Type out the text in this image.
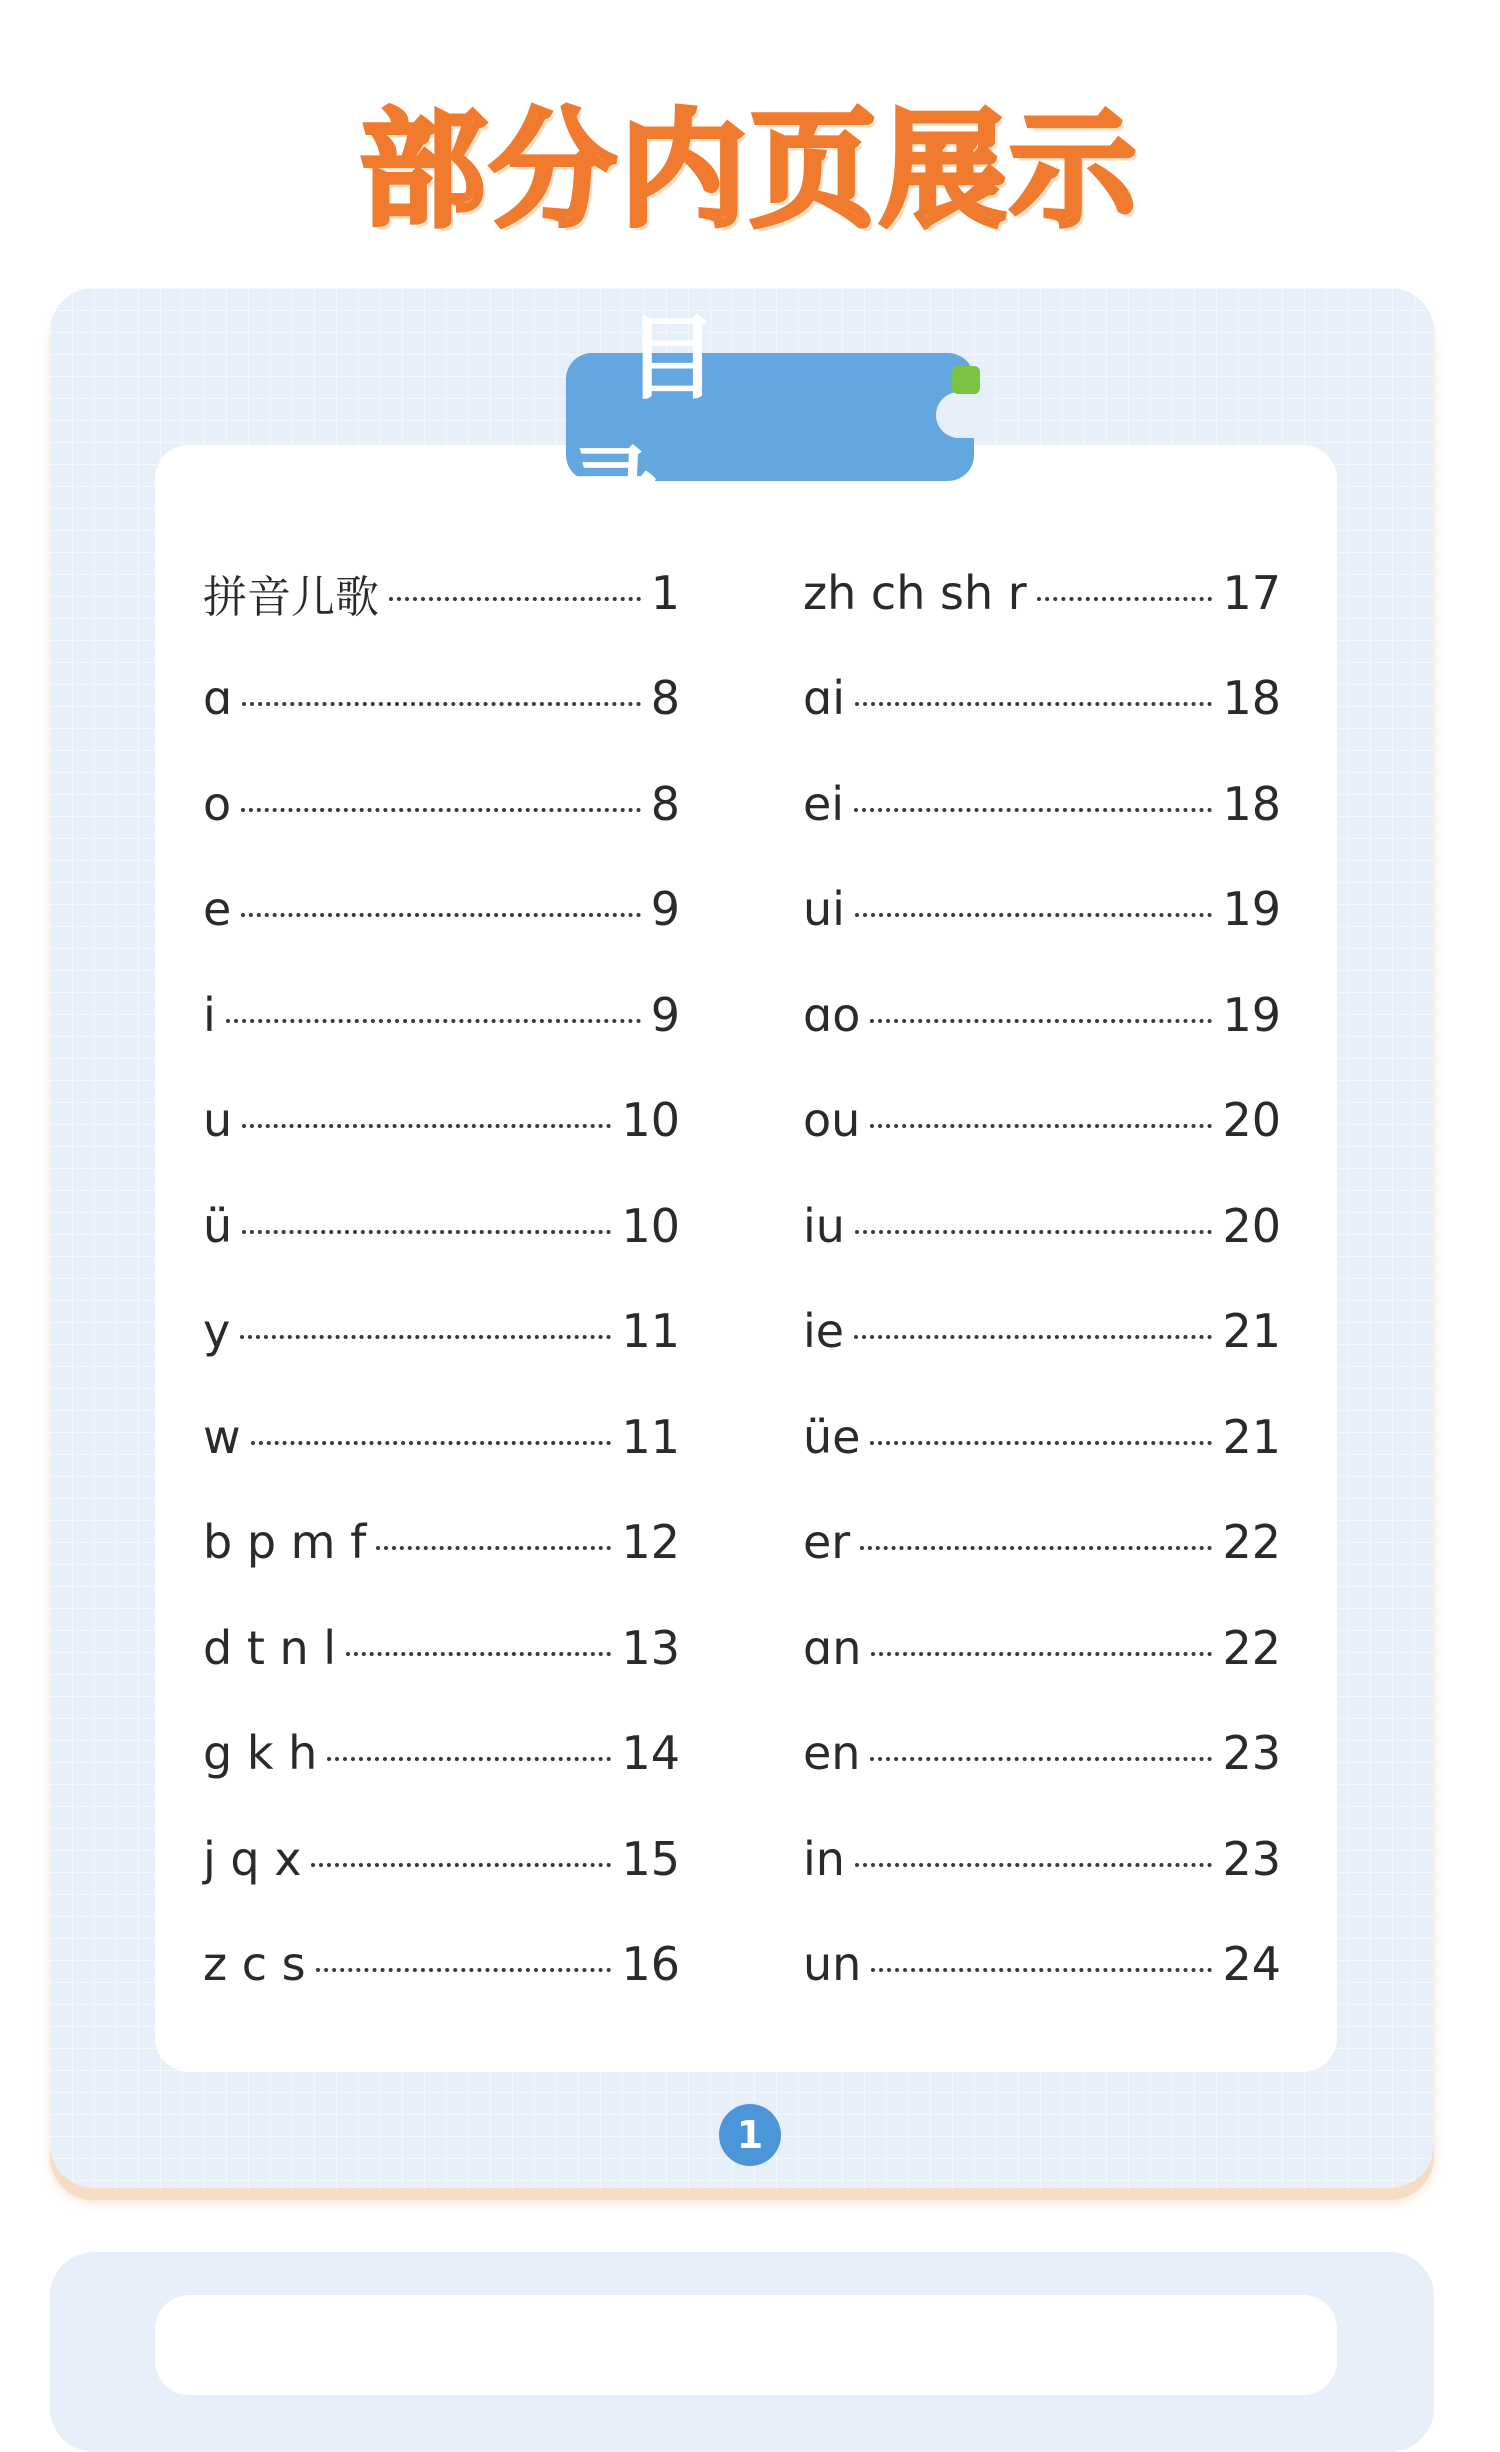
部分内页展示
目
拼音儿歌	1
ɑ	8
o	8
e	9
i	9
u	10
ü	10
y	11
w	11
b p m f	12
d t n l	13
g k h	14
j q x	15
z c s	16
zh ch sh r	17
ɑi	18
ei	18
ui	19
ɑo	19
ou	20
iu	20
ie	21
üe	21
er	22
ɑn	22
en	23
in	23
un	24
1
